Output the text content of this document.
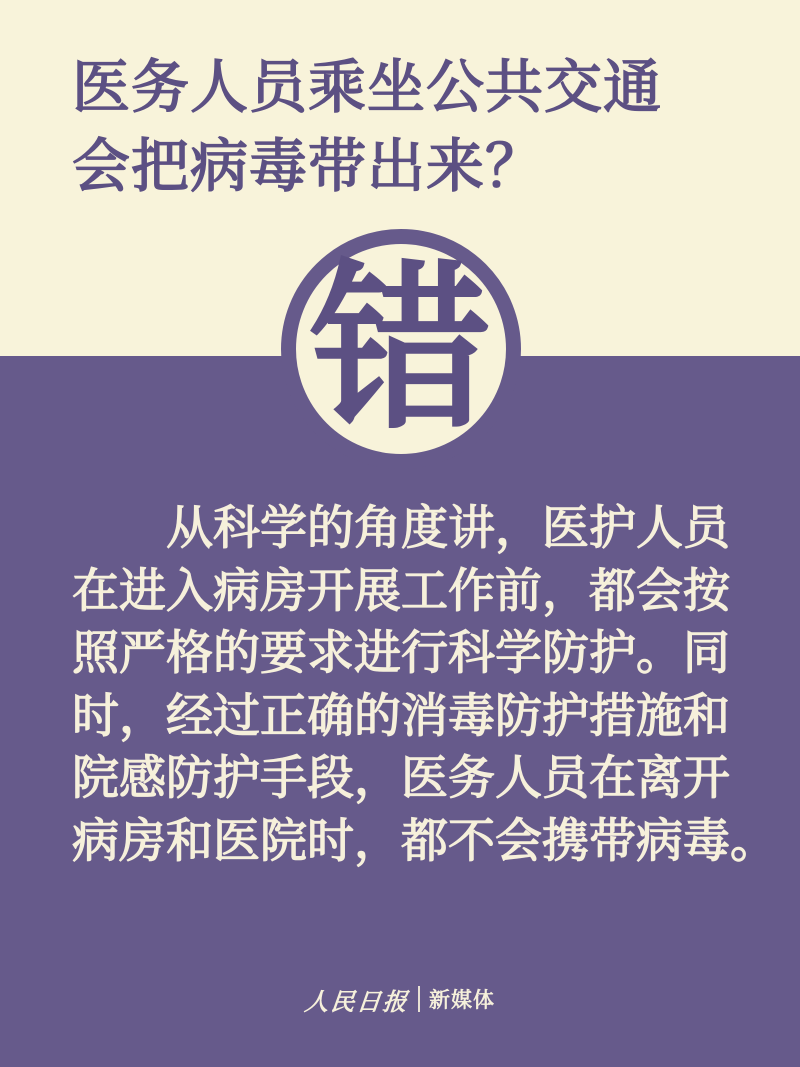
医务人员乘坐公共交通
会把病毒带出来？
错
从科学的角度讲，医护人员
在进入病房开展工作前，都会按
照严格的要求进行科学防护。同
时，经过正确的消毒防护措施和
院感防护手段，医务人员在离开
病房和医院时，都不会携带病毒。
人民日报 新媒体
